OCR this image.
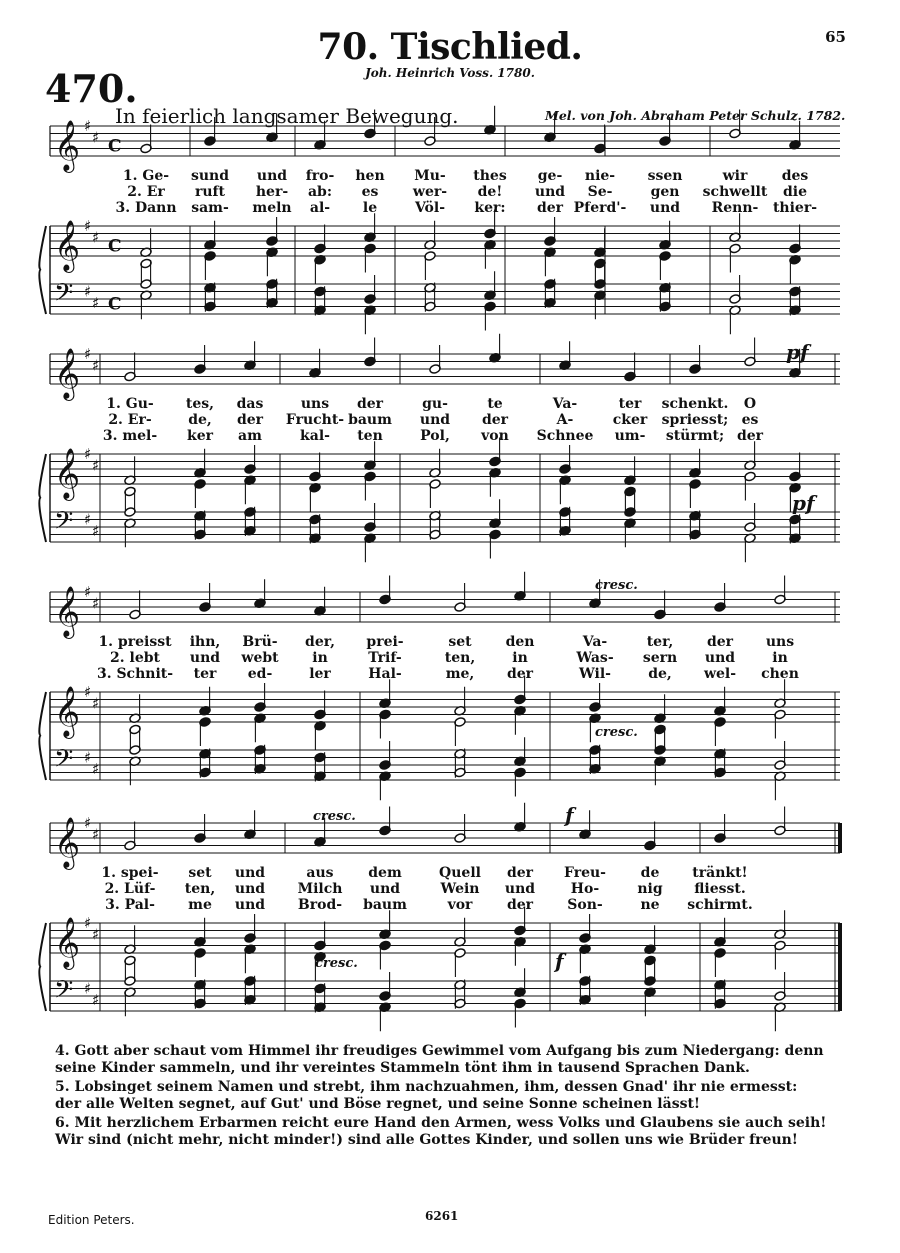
70. Tischlied.	65
Joh. Heinrich Voss. 1780.
470.
In feierlich langsamer Bewegung.	Mel. von Joh. Abraham Peter Schulz. 1782.
𝄞 ♯
♯ C
𝄞 ♯
♯ C
𝄢 ♯
♯ C
1. Ge- sund und fro- hen Mu- thes ge- nie- ssen	wir des
2. Er ruft her- ab: es wer- de! und Se-	gen schwellt die
3. Dann sam- meln al- le	Völ- ker: der Pferd'- und Renn- thier-
𝄞 ♯
♯
𝄞 ♯
♯
𝄢 ♯
♯
1. Gu- tes, das	uns der	gu-	te	Va-	ter schenkt. O
2. Er-	de, der Frucht- baum und der	A-	cker spriesst; es
3. mel- ker am	kal- ten	Pol, von Schnee um- stürmt; der
pf
pf
𝄞 ♯
♯
𝄞 ♯
♯
𝄢 ♯
♯
1. preisst ihn, Brü- der, prei-	set den	Va-	ter, der uns
2. lebt und webt in	Trif-	ten,	in	Was- sern und	in
3. Schnit- ter ed-	ler	Hal-	me, der	Wil-	de, wel- chen
cresc.
cresc.
𝄞 ♯
♯
𝄞 ♯
♯
𝄢 ♯
♯
1. spei- set und	aus dem	Quell der Freu- de tränkt!
2. Lüf- ten, und Milch und	Wein und	Ho-	nig fliesst.
3. Pal- me und Brod- baum	vor der Son-	ne schirmt.
cresc.
cresc.
f
f
4. Gott aber schaut vom Himmel ihr freudiges Gewimmel vom Aufgang bis zum Niedergang: denn
seine Kinder sammeln, und ihr vereintes Stammeln tönt ihm in tausend Sprachen Dank.
5. Lobsinget seinem Namen und strebt, ihm nachzuahmen, ihm, dessen Gnad' ihr nie ermesst:
der alle Welten segnet, auf Gut' und Böse regnet, und seine Sonne scheinen lässt!
6. Mit herzlichem Erbarmen reicht eure Hand den Armen, wess Volks und Glaubens sie auch seih!
Wir sind (nicht mehr, nicht minder!) sind alle Gottes Kinder, und sollen uns wie Brüder freun!
Edition Peters.	6261
